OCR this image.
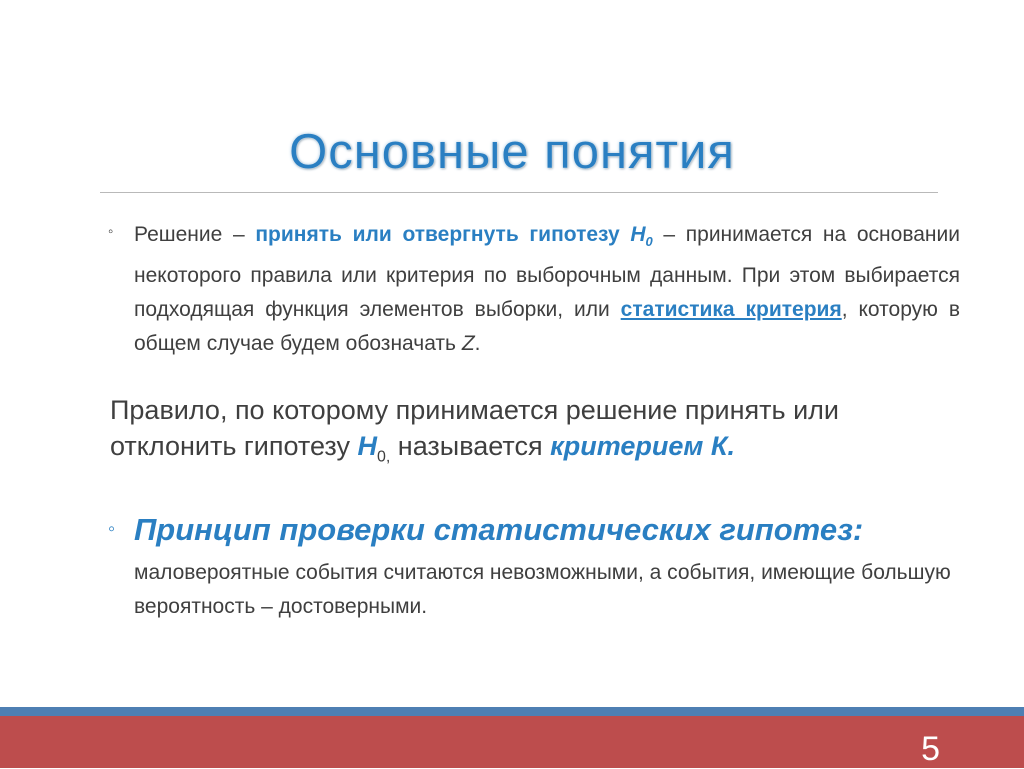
Основные понятия
◦ Решение – принять или отвергнуть гипотезу $H_0$ – принимается на основании некоторого правила или критерия по выборочным данным. При этом выбирается подходящая функция элементов выборки, или статистика критерия, которую в общем случае будем обозначать Z.
Правило, по которому принимается решение принять или отклонить гипотезу $H_{0,}$ называется критерием К.
◦ Принцип проверки статистических гипотез:
маловероятные события считаются невозможными, а события, имеющие большую вероятность – достоверными.
5
